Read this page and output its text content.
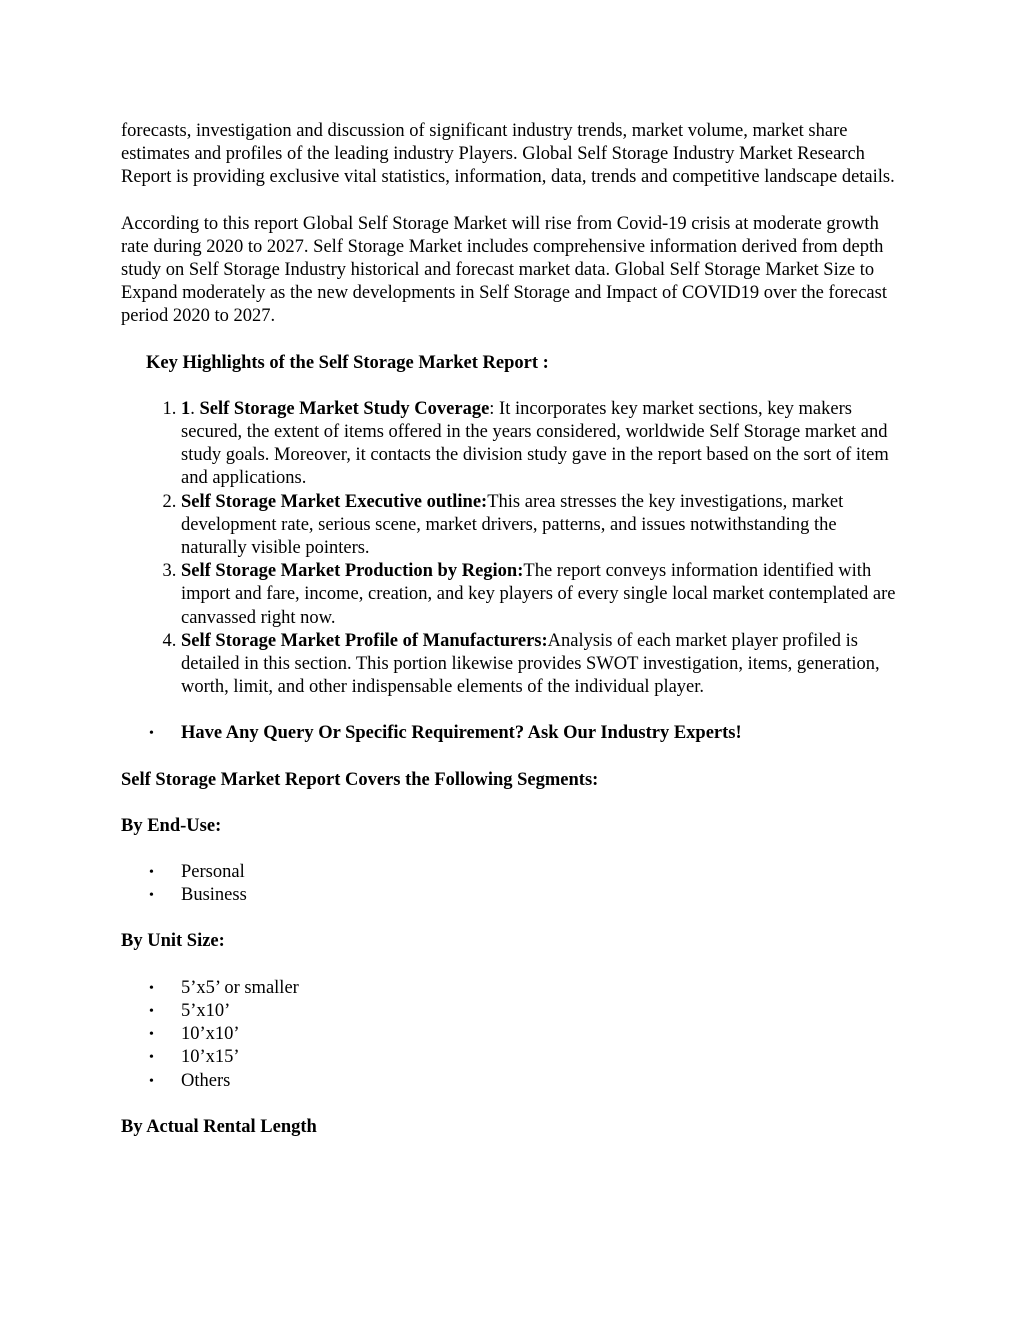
forecasts, investigation and discussion of significant industry trends, market volume, market share estimates and profiles of the leading industry Players. Global Self Storage Industry Market Research Report is providing exclusive vital statistics, information, data, trends and competitive landscape details.

According to this report Global Self Storage Market will rise from Covid-19 crisis at moderate growth rate during 2020 to 2027. Self Storage Market includes comprehensive information derived from depth study on Self Storage Industry historical and forecast market data. Global Self Storage Market Size to Expand moderately as the new developments in Self Storage and Impact of COVID19 over the forecast period 2020 to 2027.

Key Highlights of the Self Storage Market Report :

1. 1. Self Storage Market Study Coverage: It incorporates key market sections, key makers secured, the extent of items offered in the years considered, worldwide Self Storage market and study goals. Moreover, it contacts the division study gave in the report based on the sort of item and applications.
2. Self Storage Market Executive outline:This area stresses the key investigations, market development rate, serious scene, market drivers, patterns, and issues notwithstanding the naturally visible pointers.
3. Self Storage Market Production by Region:The report conveys information identified with import and fare, income, creation, and key players of every single local market contemplated are canvassed right now.
4. Self Storage Market Profile of Manufacturers:Analysis of each market player profiled is detailed in this section. This portion likewise provides SWOT investigation, items, generation, worth, limit, and other indispensable elements of the individual player.
• Have Any Query Or Specific Requirement? Ask Our Industry Experts!

Self Storage Market Report Covers the Following Segments:

By End-Use:

• Personal
• Business

By Unit Size:

• 5’x5’ or smaller
• 5’x10’
• 10’x10’
• 10’x15’
• Others

By Actual Rental Length
